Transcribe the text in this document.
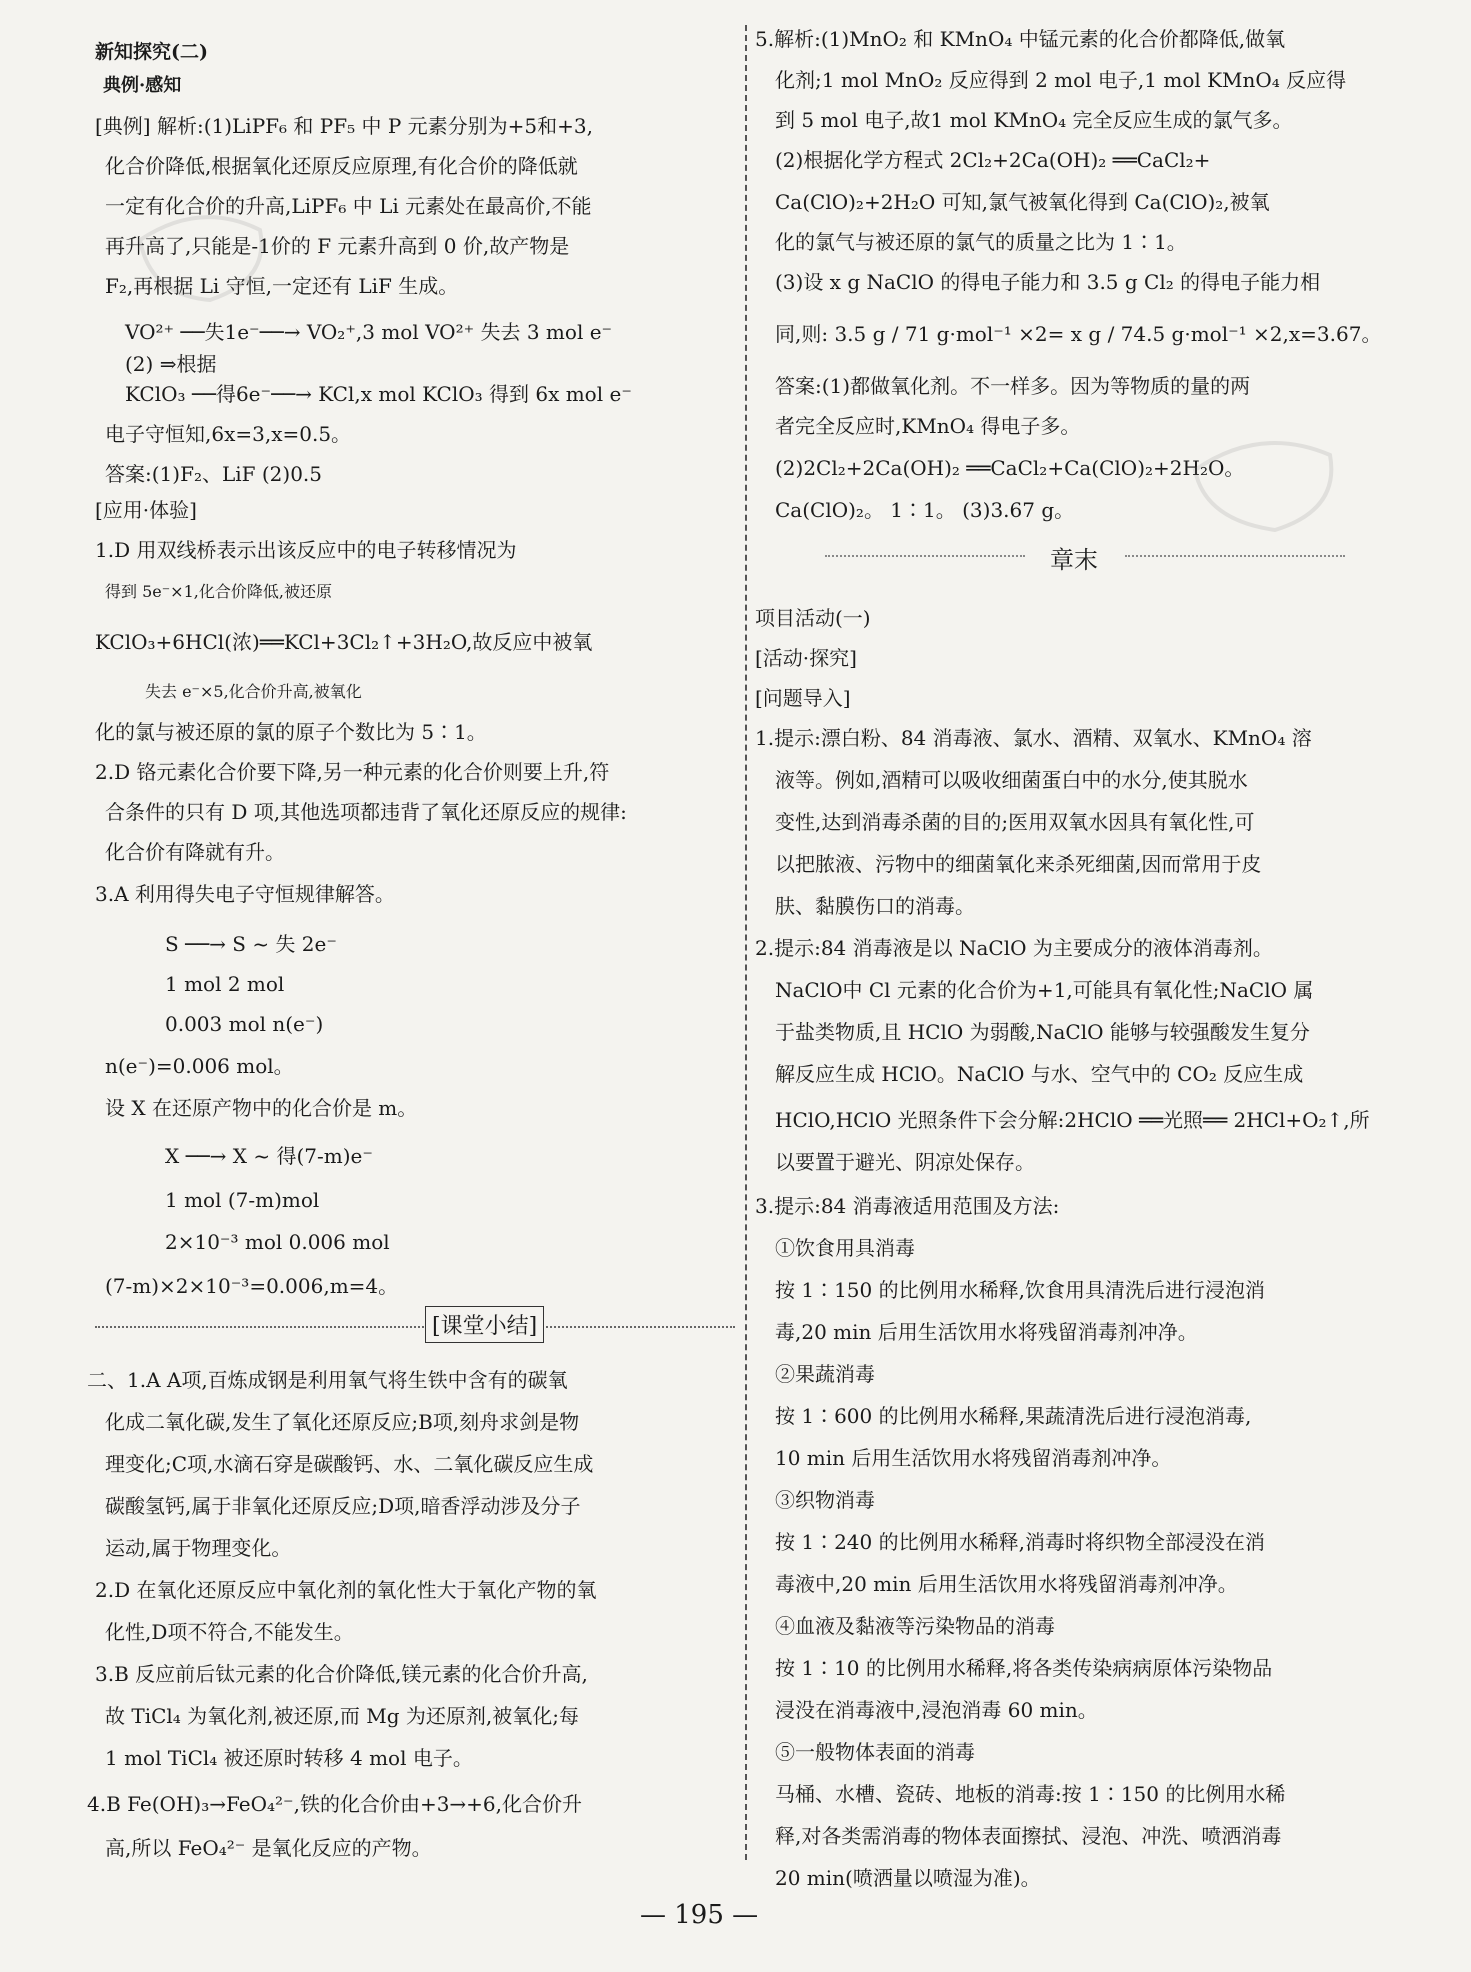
新知探究(二)
典例·感知
[典例] 解析:(1)LiPF₆ 和 PF₅ 中 P 元素分别为+5和+3,
化合价降低,根据氧化还原反应原理,有化合价的降低就
一定有化合价的升高,LiPF₆ 中 Li 元素处在最高价,不能
再升高了,只能是-1价的 F 元素升高到 0 价,故产物是
F₂,再根据 Li 守恒,一定还有 LiF 生成。
VO²⁺ ──失1e⁻──→ VO₂⁺,3 mol VO²⁺ 失去 3 mol e⁻
(2) ⇒根据
KClO₃ ──得6e⁻──→ KCl,x mol KClO₃ 得到 6x mol e⁻
电子守恒知,6x=3,x=0.5。
答案:(1)F₂、LiF (2)0.5
[应用·体验]
1.D 用双线桥表示出该反应中的电子转移情况为
得到 5e⁻×1,化合价降低,被还原
KClO₃+6HCl(浓)══KCl+3Cl₂↑+3H₂O,故反应中被氧
失去 e⁻×5,化合价升高,被氧化
化的氯与被还原的氯的原子个数比为 5∶1。
2.D 铬元素化合价要下降,另一种元素的化合价则要上升,符
合条件的只有 D 项,其他选项都违背了氧化还原反应的规律:
化合价有降就有升。
3.A 利用得失电子守恒规律解答。
S ──→ S ~ 失 2e⁻
1 mol 2 mol
0.003 mol n(e⁻)
n(e⁻)=0.006 mol。
设 X 在还原产物中的化合价是 m。
X ──→ X ~ 得(7-m)e⁻
1 mol (7-m)mol
2×10⁻³ mol 0.006 mol
(7-m)×2×10⁻³=0.006,m=4。
[课堂小结]
二、1.A A项,百炼成钢是利用氧气将生铁中含有的碳氧
化成二氧化碳,发生了氧化还原反应;B项,刻舟求剑是物
理变化;C项,水滴石穿是碳酸钙、水、二氧化碳反应生成
碳酸氢钙,属于非氧化还原反应;D项,暗香浮动涉及分子
运动,属于物理变化。
2.D 在氧化还原反应中氧化剂的氧化性大于氧化产物的氧
化性,D项不符合,不能发生。
3.B 反应前后钛元素的化合价降低,镁元素的化合价升高,
故 TiCl₄ 为氧化剂,被还原,而 Mg 为还原剂,被氧化;每
1 mol TiCl₄ 被还原时转移 4 mol 电子。
4.B Fe(OH)₃→FeO₄²⁻,铁的化合价由+3→+6,化合价升
高,所以 FeO₄²⁻ 是氧化反应的产物。
5.解析:(1)MnO₂ 和 KMnO₄ 中锰元素的化合价都降低,做氧
化剂;1 mol MnO₂ 反应得到 2 mol 电子,1 mol KMnO₄ 反应得
到 5 mol 电子,故1 mol KMnO₄ 完全反应生成的氯气多。
(2)根据化学方程式 2Cl₂+2Ca(OH)₂ ══CaCl₂+
Ca(ClO)₂+2H₂O 可知,氯气被氧化得到 Ca(ClO)₂,被氧
化的氯气与被还原的氯气的质量之比为 1∶1。
(3)设 x g NaClO 的得电子能力和 3.5 g Cl₂ 的得电子能力相
同,则: 3.5 g / 71 g·mol⁻¹ ×2= x g / 74.5 g·mol⁻¹ ×2,x=3.67。
答案:(1)都做氧化剂。不一样多。因为等物质的量的两
者完全反应时,KMnO₄ 得电子多。
(2)2Cl₂+2Ca(OH)₂ ══CaCl₂+Ca(ClO)₂+2H₂O。
Ca(ClO)₂。 1∶1。 (3)3.67 g。
章末
项目活动(一)
[活动·探究]
[问题导入]
1.提示:漂白粉、84 消毒液、氯水、酒精、双氧水、KMnO₄ 溶
液等。例如,酒精可以吸收细菌蛋白中的水分,使其脱水
变性,达到消毒杀菌的目的;医用双氧水因具有氧化性,可
以把脓液、污物中的细菌氧化来杀死细菌,因而常用于皮
肤、黏膜伤口的消毒。
2.提示:84 消毒液是以 NaClO 为主要成分的液体消毒剂。
NaClO中 Cl 元素的化合价为+1,可能具有氧化性;NaClO 属
于盐类物质,且 HClO 为弱酸,NaClO 能够与较强酸发生复分
解反应生成 HClO。NaClO 与水、空气中的 CO₂ 反应生成
HClO,HClO 光照条件下会分解:2HClO ══光照══ 2HCl+O₂↑,所
以要置于避光、阴凉处保存。
3.提示:84 消毒液适用范围及方法:
①饮食用具消毒
按 1∶150 的比例用水稀释,饮食用具清洗后进行浸泡消
毒,20 min 后用生活饮用水将残留消毒剂冲净。
②果蔬消毒
按 1∶600 的比例用水稀释,果蔬清洗后进行浸泡消毒,
10 min 后用生活饮用水将残留消毒剂冲净。
③织物消毒
按 1∶240 的比例用水稀释,消毒时将织物全部浸没在消
毒液中,20 min 后用生活饮用水将残留消毒剂冲净。
④血液及黏液等污染物品的消毒
按 1∶10 的比例用水稀释,将各类传染病病原体污染物品
浸没在消毒液中,浸泡消毒 60 min。
⑤一般物体表面的消毒
马桶、水槽、瓷砖、地板的消毒:按 1∶150 的比例用水稀
释,对各类需消毒的物体表面擦拭、浸泡、冲洗、喷洒消毒
20 min(喷洒量以喷湿为准)。
— 195 —
